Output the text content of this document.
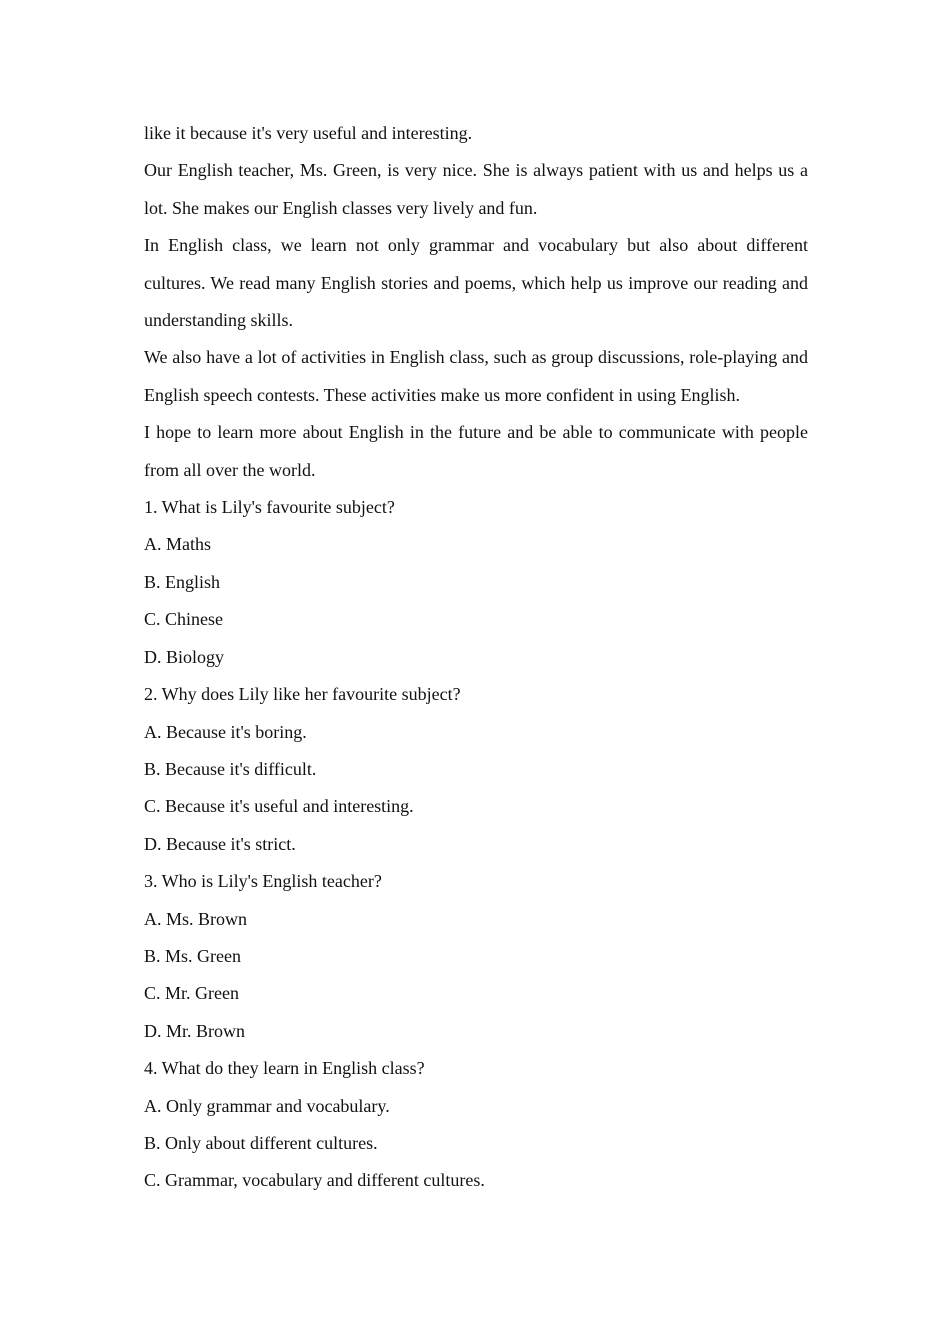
like it because it's very useful and interesting.

Our English teacher, Ms. Green, is very nice. She is always patient with us and helps us a lot. She makes our English classes very lively and fun.

In English class, we learn not only grammar and vocabulary but also about different cultures. We read many English stories and poems, which help us improve our reading and understanding skills.

We also have a lot of activities in English class, such as group discussions, role-playing and English speech contests. These activities make us more confident in using English.

I hope to learn more about English in the future and be able to communicate with people from all over the world.

1. What is Lily's favourite subject?

A. Maths

B. English

C. Chinese

D. Biology

2. Why does Lily like her favourite subject?

A. Because it's boring.

B. Because it's difficult.

C. Because it's useful and interesting.

D. Because it's strict.

3. Who is Lily's English teacher?

A. Ms. Brown

B. Ms. Green

C. Mr. Green

D. Mr. Brown

4. What do they learn in English class?

A. Only grammar and vocabulary.

B. Only about different cultures.

C. Grammar, vocabulary and different cultures.
